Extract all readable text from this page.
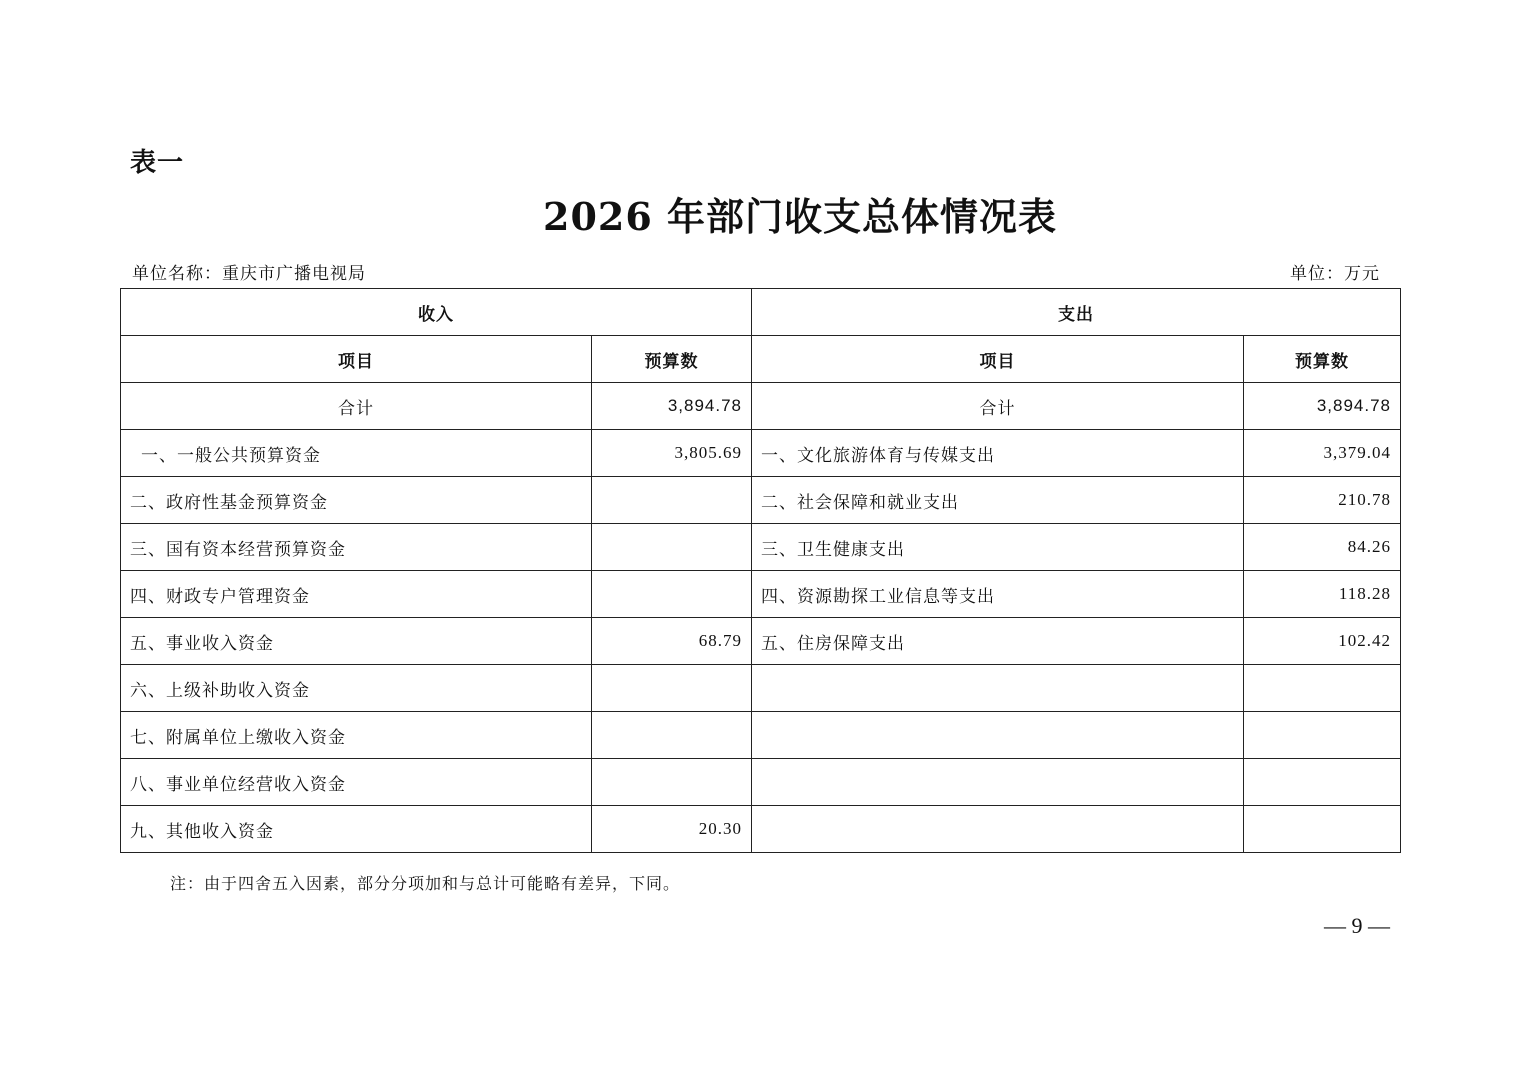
表一
2026 年部门收支总体情况表
单位名称：重庆市广播电视局	单位：万元
收入		支出	
项目	预算数	项目	预算数
合计	3,894.78	合计	3,894.78
一、一般公共预算资金	3,805.69	一、文化旅游体育与传媒支出	3,379.04
二、政府性基金预算资金		二、社会保障和就业支出	210.78
三、国有资本经营预算资金		三、卫生健康支出	84.26
四、财政专户管理资金		四、资源勘探工业信息等支出	118.28
五、事业收入资金	68.79	五、住房保障支出	102.42
六、上级补助收入资金			
七、附属单位上缴收入资金			
八、事业单位经营收入资金			
九、其他收入资金	20.30		
注：由于四舍五入因素，部分分项加和与总计可能略有差异，下同。
— 9 —
